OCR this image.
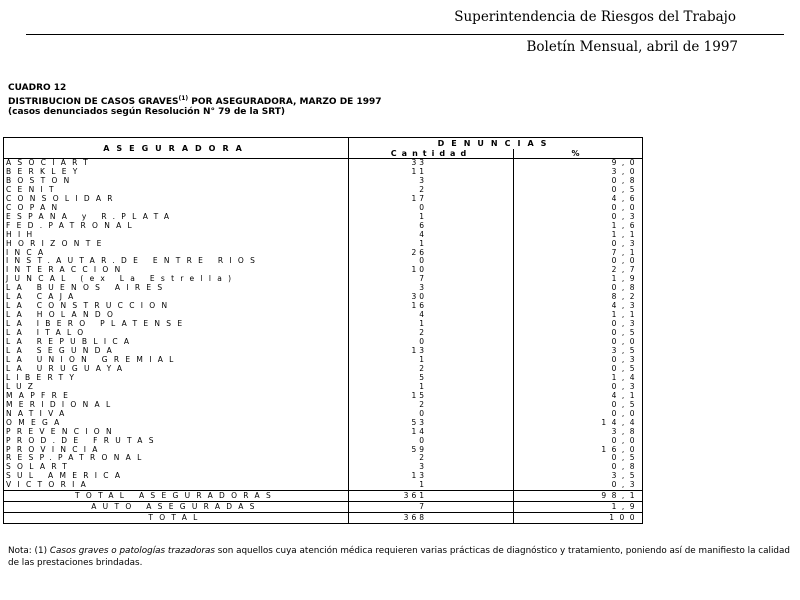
Superintendencia de Riesgos del Trabajo
Boletín Mensual, abril de 1997
CUADRO 12
DISTRIBUCION DE CASOS GRAVES$^{(1)}$ POR ASEGURADORA, MARZO DE 1997
(casos denunciados según Resolución N° 79 de la SRT)
ASEGURADORA	DENUNCIAS	
	Cantidad	%
ASOCIART	33	9,0
BERKLEY	11	3,0
BOSTON	3	0,8
CENIT	2	0,5
CONSOLIDAR	17	4,6
COPAN	0	0,0
ESPAÑA y R.PLATA	1	0,3
FED.PATRONAL	6	1,6
HIH	4	1,1
HORIZONTE	1	0,3
INCA	26	7,1
INST.AUTAR.DE ENTRE RIOS	0	0,0
INTERACCION	10	2,7
JUNCAL (ex La Estrella)	7	1,9
LA BUENOS AIRES	3	0,8
LA CAJA	30	8,2
LA CONSTRUCCION	16	4,3
LA HOLANDO	4	1,1
LA IBERO PLATENSE	1	0,3
LA ITALO	2	0,5
LA REPUBLICA	0	0,0
LA SEGUNDA	13	3,5
LA UNION GREMIAL	1	0,3
LA URUGUAYA	2	0,5
LIBERTY	5	1,4
LUZ	1	0,3
MAPFRE	15	4,1
MERIDIONAL	2	0,5
NATIVA	0	0,0
OMEGA	53	14,4
PREVENCION	14	3,8
PROD.DE FRUTAS	0	0,0
PROVINCIA	59	16,0
RESP.PATRONAL	2	0,5
SOLART	3	0,8
SUL AMERICA	13	3,5
VICTORIA	1	0,3
TOTAL ASEGURADORAS	361	98,1
AUTO ASEGURADAS	7	1,9
TOTAL	368	100
Nota: (1) Casos graves o patologías trazadoras son aquellos cuya atención médica requieren varias prácticas de diagnóstico y tratamiento, poniendo así de manifiesto la calidad de las prestaciones brindadas.
